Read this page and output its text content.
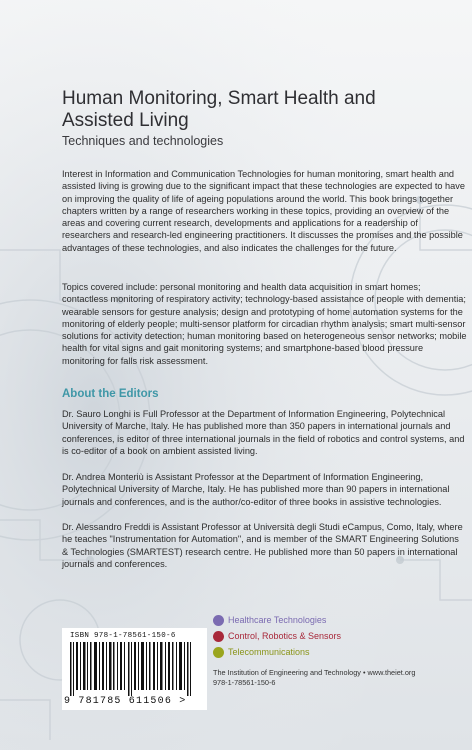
Human Monitoring, Smart Health and Assisted Living
Techniques and technologies

Interest in Information and Communication Technologies for human monitoring, smart health and assisted living is growing due to the significant impact that these technologies are expected to have on improving the quality of life of ageing populations around the world. This book brings together chapters written by a range of researchers working in these topics, providing an overview of the areas and covering current research, developments and applications for a readership of researchers and research-led engineering practitioners. It discusses the promises and the possible advantages of these technologies, and also indicates the challenges for the future.

Topics covered include: personal monitoring and health data acquisition in smart homes; contactless monitoring of respiratory activity; technology-based assistance of people with dementia; wearable sensors for gesture analysis; design and prototyping of home automation systems for the monitoring of elderly people; multi-sensor platform for circadian rhythm analysis; smart multi-sensor solutions for activity detection; human monitoring based on heterogeneous sensor networks; mobile health for vital signs and gait monitoring systems; and smartphone-based blood pressure monitoring for falls risk assessment.

About the Editors

Dr. Sauro Longhi is Full Professor at the Department of Information Engineering, Polytechnical University of Marche, Italy. He has published more than 350 papers in international journals and conferences, is editor of three international journals in the field of robotics and control systems, and is co-editor of a book on ambient assisted living.

Dr. Andrea Monteriù is Assistant Professor at the Department of Information Engineering, Polytechnical University of Marche, Italy. He has published more than 90 papers in international journals and conferences, and is the author/co-editor of three books in assistive technologies.

Dr. Alessandro Freddi is Assistant Professor at Università degli Studi eCampus, Como, Italy, where he teaches "Instrumentation for Automation", and is member of the SMART Engineering Solutions & Technologies (SMARTEST) research centre. He published more than 50 papers in international journals and conferences.

ISBN 978-1-78561-150-6
9 781785 611506 >
Healthcare Technologies
Control, Robotics & Sensors
Telecommunications
The Institution of Engineering and Technology • www.theiet.org
978-1-78561-150-6
